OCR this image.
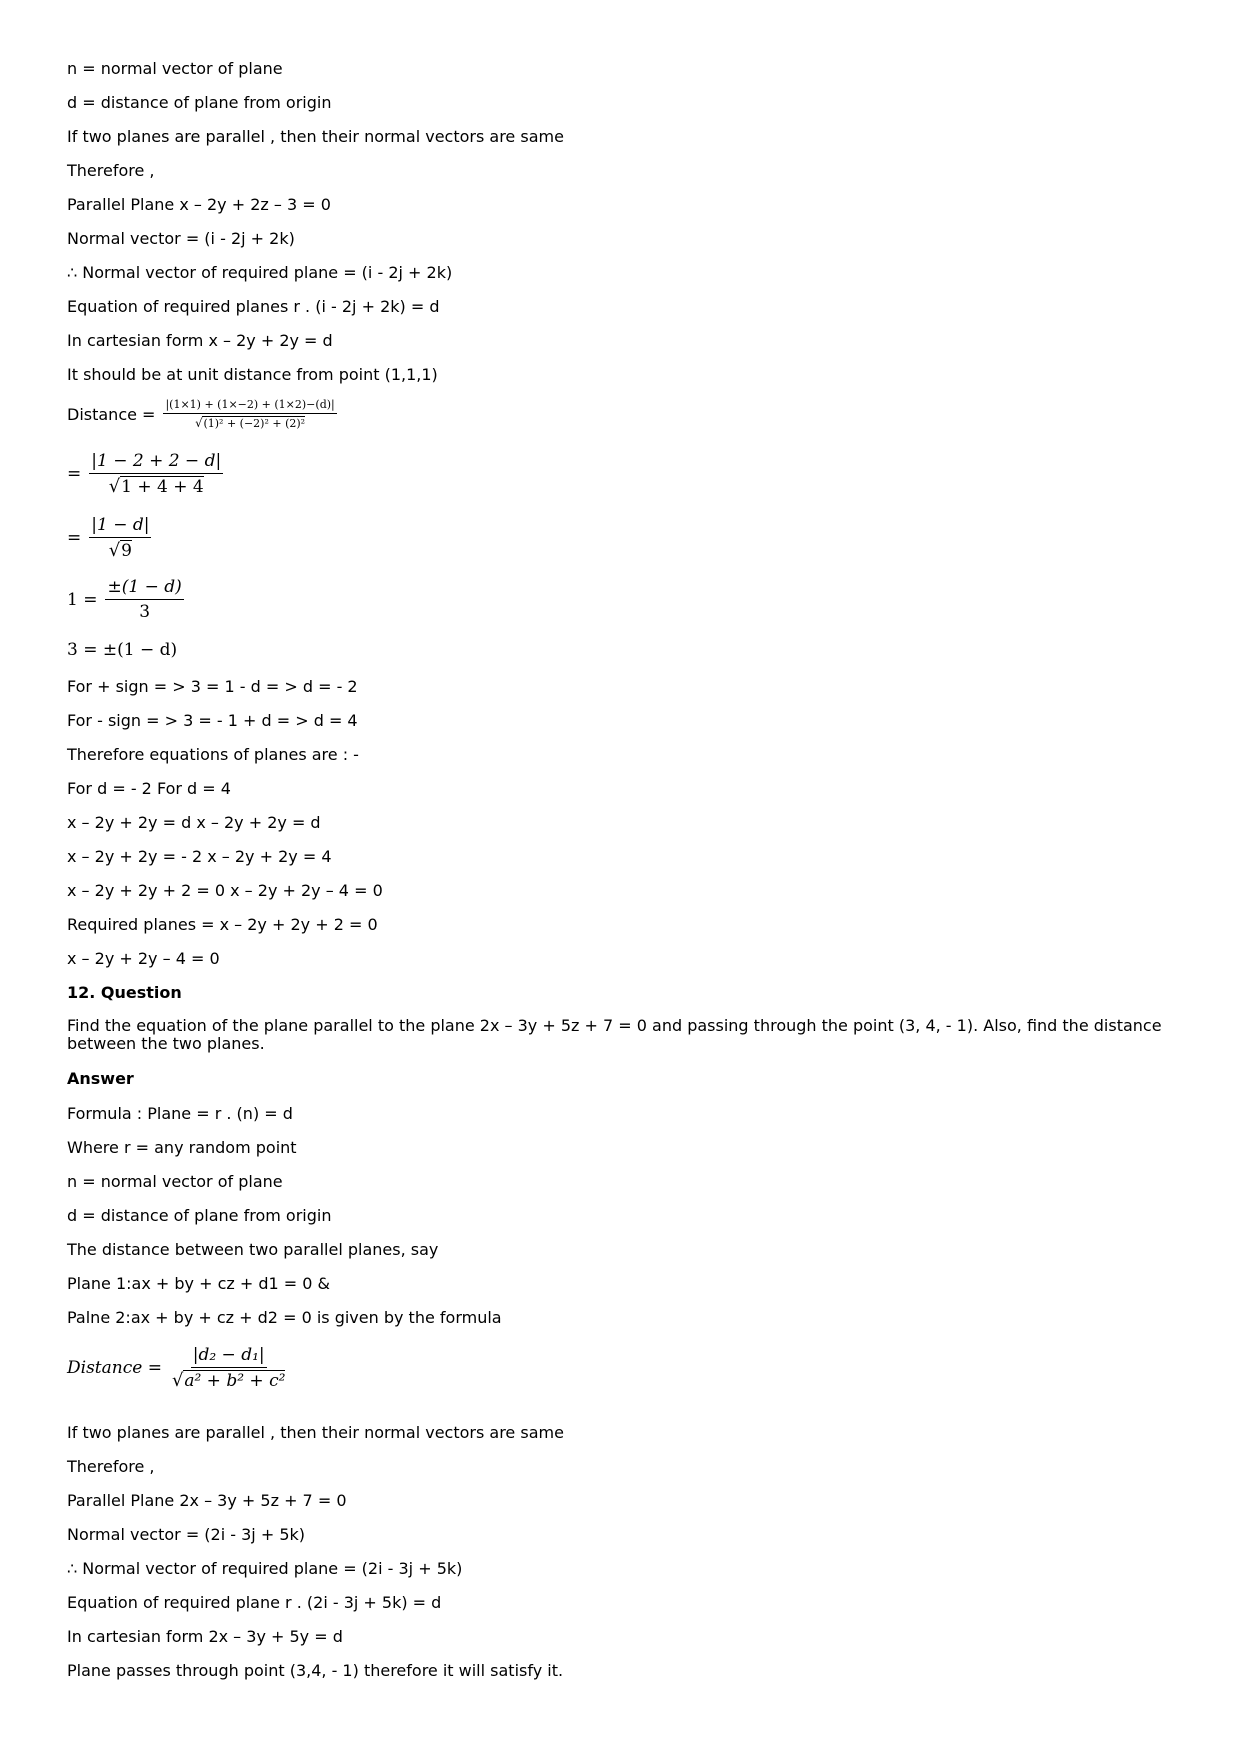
n = normal vector of plane
d = distance of plane from origin
If two planes are parallel , then their normal vectors are same
Therefore ,
Parallel Plane x – 2y + 2z – 3 = 0
Normal vector = (i - 2j + 2k)
∴ Normal vector of required plane = (i - 2j + 2k)
Equation of required planes r . (i - 2j + 2k) = d
In cartesian form x – 2y + 2y = d
It should be at unit distance from point (1,1,1)
Distance = $\frac{|(1\times 1) + (1\times-2) + (1\times 2)-(d)|}{\text{√(1)² + (−2)² + (2)²}}$
= $\frac{|1 - 2 + 2 - d|}{√1 + 4 + 4}$
= $\frac{|1 - d|}{√9}$
$1 = \frac{\pm(1 - d)}{3}$
3 = ±(1 − d)
For + sign = > 3 = 1 - d = > d = - 2
For - sign = > 3 = - 1 + d = > d = 4
Therefore equations of planes are : -
For d = - 2 For d = 4
x – 2y + 2y = d x – 2y + 2y = d
x – 2y + 2y = - 2 x – 2y + 2y = 4
x – 2y + 2y + 2 = 0 x – 2y + 2y – 4 = 0
Required planes = x – 2y + 2y + 2 = 0
x – 2y + 2y – 4 = 0
12. Question
Find the equation of the plane parallel to the plane 2x – 3y + 5z + 7 = 0 and passing through the point (3, 4, - 1). Also, find the distance between the two planes.
Answer
Formula : Plane = r . (n) = d
Where r = any random point
n = normal vector of plane
d = distance of plane from origin
The distance between two parallel planes, say
Plane 1:ax + by + cz + d1 = 0 &
Palne 2:ax + by + cz + d2 = 0 is given by the formula
Distance = $\frac{\text{|d₂ − d₁|}}{\text{√a² + b² + c²}}$
If two planes are parallel , then their normal vectors are same
Therefore ,
Parallel Plane 2x – 3y + 5z + 7 = 0
Normal vector = (2i - 3j + 5k)
∴ Normal vector of required plane = (2i - 3j + 5k)
Equation of required plane r . (2i - 3j + 5k) = d
In cartesian form 2x – 3y + 5y = d
Plane passes through point (3,4, - 1) therefore it will satisfy it.
